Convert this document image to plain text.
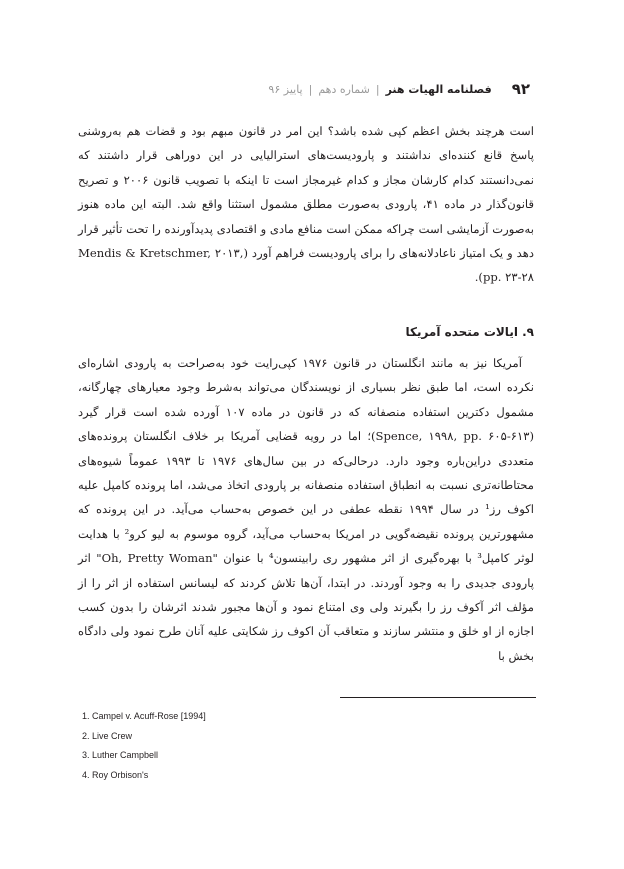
۹۲
فصلنامه الهیات هنر
|
شماره دهم
|
پاییز ۹۶

است هرچند بخش اعظم کپی شده باشد؟ این امر در قانون مبهم بود و قضات هم به‌روشنی پاسخ قانع کننده‌ای نداشتند و پارودیست‌های استرالیایی در این دوراهی قرار داشتند که نمی‌دانستند کدام کارشان مجاز و کدام غیرمجاز است تا اینکه با تصویب قانون ۲۰۰۶ و تصریح قانون‌گذار در ماده ۴۱، پارودی به‌صورت مطلق مشمول استثنا واقع شد. البته این ماده هنوز به‌صورت آزمایشی است چراکه ممکن است منافع مادی و اقتصادی پدیدآورنده را تحت تأثیر قرار دهد و یک امتیاز ناعادلانه‌های را برای پارودیست فراهم آورد (Mendis & Kretschmer, ۲۰۱۳, pp. ۲۳-۲۸).

۹. ایالات متحده آمریکا

آمریکا نیز به مانند انگلستان در قانون ۱۹۷۶ کپی‌رایت خود به‌صراحت به پارودی اشاره‌ای نکرده است، اما طبق نظر بسیاری از نویسندگان می‌تواند به‌شرط وجود معیارهای چهارگانه، مشمول دکترین استفاده منصفانه که در قانون در ماده ۱۰۷ آورده شده است قرار گیرد (Spence, ۱۹۹۸, pp. ۶۰۵-۶۱۳)؛ اما در رویه قضایی آمریکا بر خلاف انگلستان پرونده‌های متعددی دراین‌باره وجود دارد. درحالی‌که در بین سال‌های ۱۹۷۶ تا ۱۹۹۳ عموماً شیوه‌های محتاطانه‌تری نسبت به انطباق استفاده منصفانه بر پارودی اتخاذ می‌شد، اما پرونده کامپل علیه اکوف رز¹ در سال ۱۹۹۴ نقطه عطفی در این خصوص به‌حساب می‌آید. در این پرونده که مشهورترین پرونده نقیضه‌گویی در امریکا به‌حساب می‌آید، گروه موسوم به لیو کرو² با هدایت لوثر کامپل³ با بهره‌گیری از اثر مشهور ری رابینسون⁴ با عنوان "Oh, Pretty Woman" اثر پارودی جدیدی را به وجود آوردند. در ابتدا، آن‌ها تلاش کردند که لیسانس استفاده از اثر را از مؤلف اثر آکوف رز را بگیرند ولی وی امتناع نمود و آن‌ها مجبور شدند اثرشان را بدون کسب اجازه از او خلق و منتشر سازند و متعاقب آن اکوف رز شکایتی علیه آنان طرح نمود ولی دادگاه بخش با

1. Campel v. Acuff-Rose [1994]
2. Live Crew
3. Luther Campbell
4. Roy Orbison's
